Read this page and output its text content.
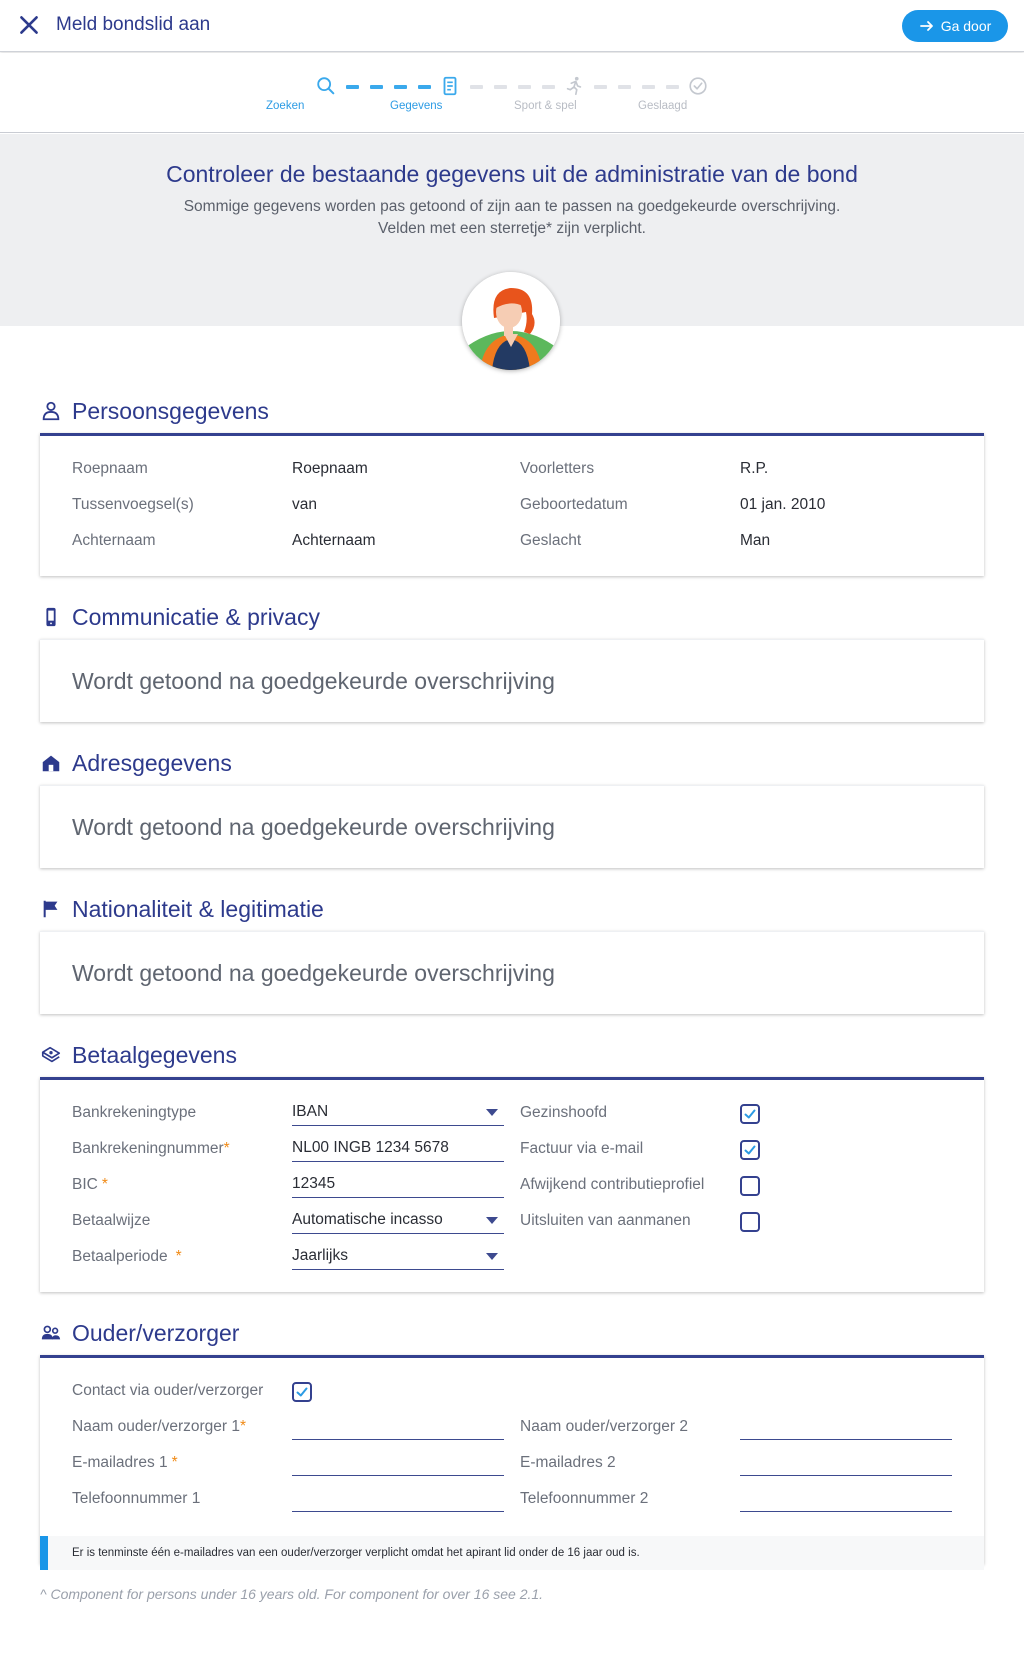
Meld bondslid aan	Ga door
Zoeken	Gegevens	Sport & spel	Geslaagd
Controleer de bestaande gegevens uit de administratie van de bond

Sommige gegevens worden pas getoond of zijn aan te passen na goedgekeurde overschrijving.

Velden met een sterretje* zijn verplicht.

Persoonsgegevens
Roepnaam	Roepnaam
Tussenvoegsel(s)	van
Achternaam	Achternaam
Voorletters	R.P.
Geboortedatum	01 jan. 2010
Geslacht	Man
Communicatie & privacy
Wordt getoond na goedgekeurde overschrijving
Adresgegevens
Wordt getoond na goedgekeurde overschrijving
Nationaliteit & legitimatie
Wordt getoond na goedgekeurde overschrijving
Betaalgegevens
Bankrekeningtype	IBAN
Bankrekeningnummer*	NL00 INGB 1234 5678
BIC *	12345
Betaalwijze	Automatische incasso
Betaalperiode *	Jaarlijks
Gezinshoofd
Factuur via e-mail
Afwijkend contributieprofiel
Uitsluiten van aanmanen
Ouder/verzorger
Contact via ouder/verzorger
Naam ouder/verzorger 1*
E-mailadres 1 *
Telefoonnummer 1
Naam ouder/verzorger 2
E-mailadres 2
Telefoonnummer 2
Er is tenminste één e-mailadres van een ouder/verzorger verplicht omdat het apirant lid onder de 16 jaar oud is.
^ Component for persons under 16 years old. For component for over 16 see 2.1.
